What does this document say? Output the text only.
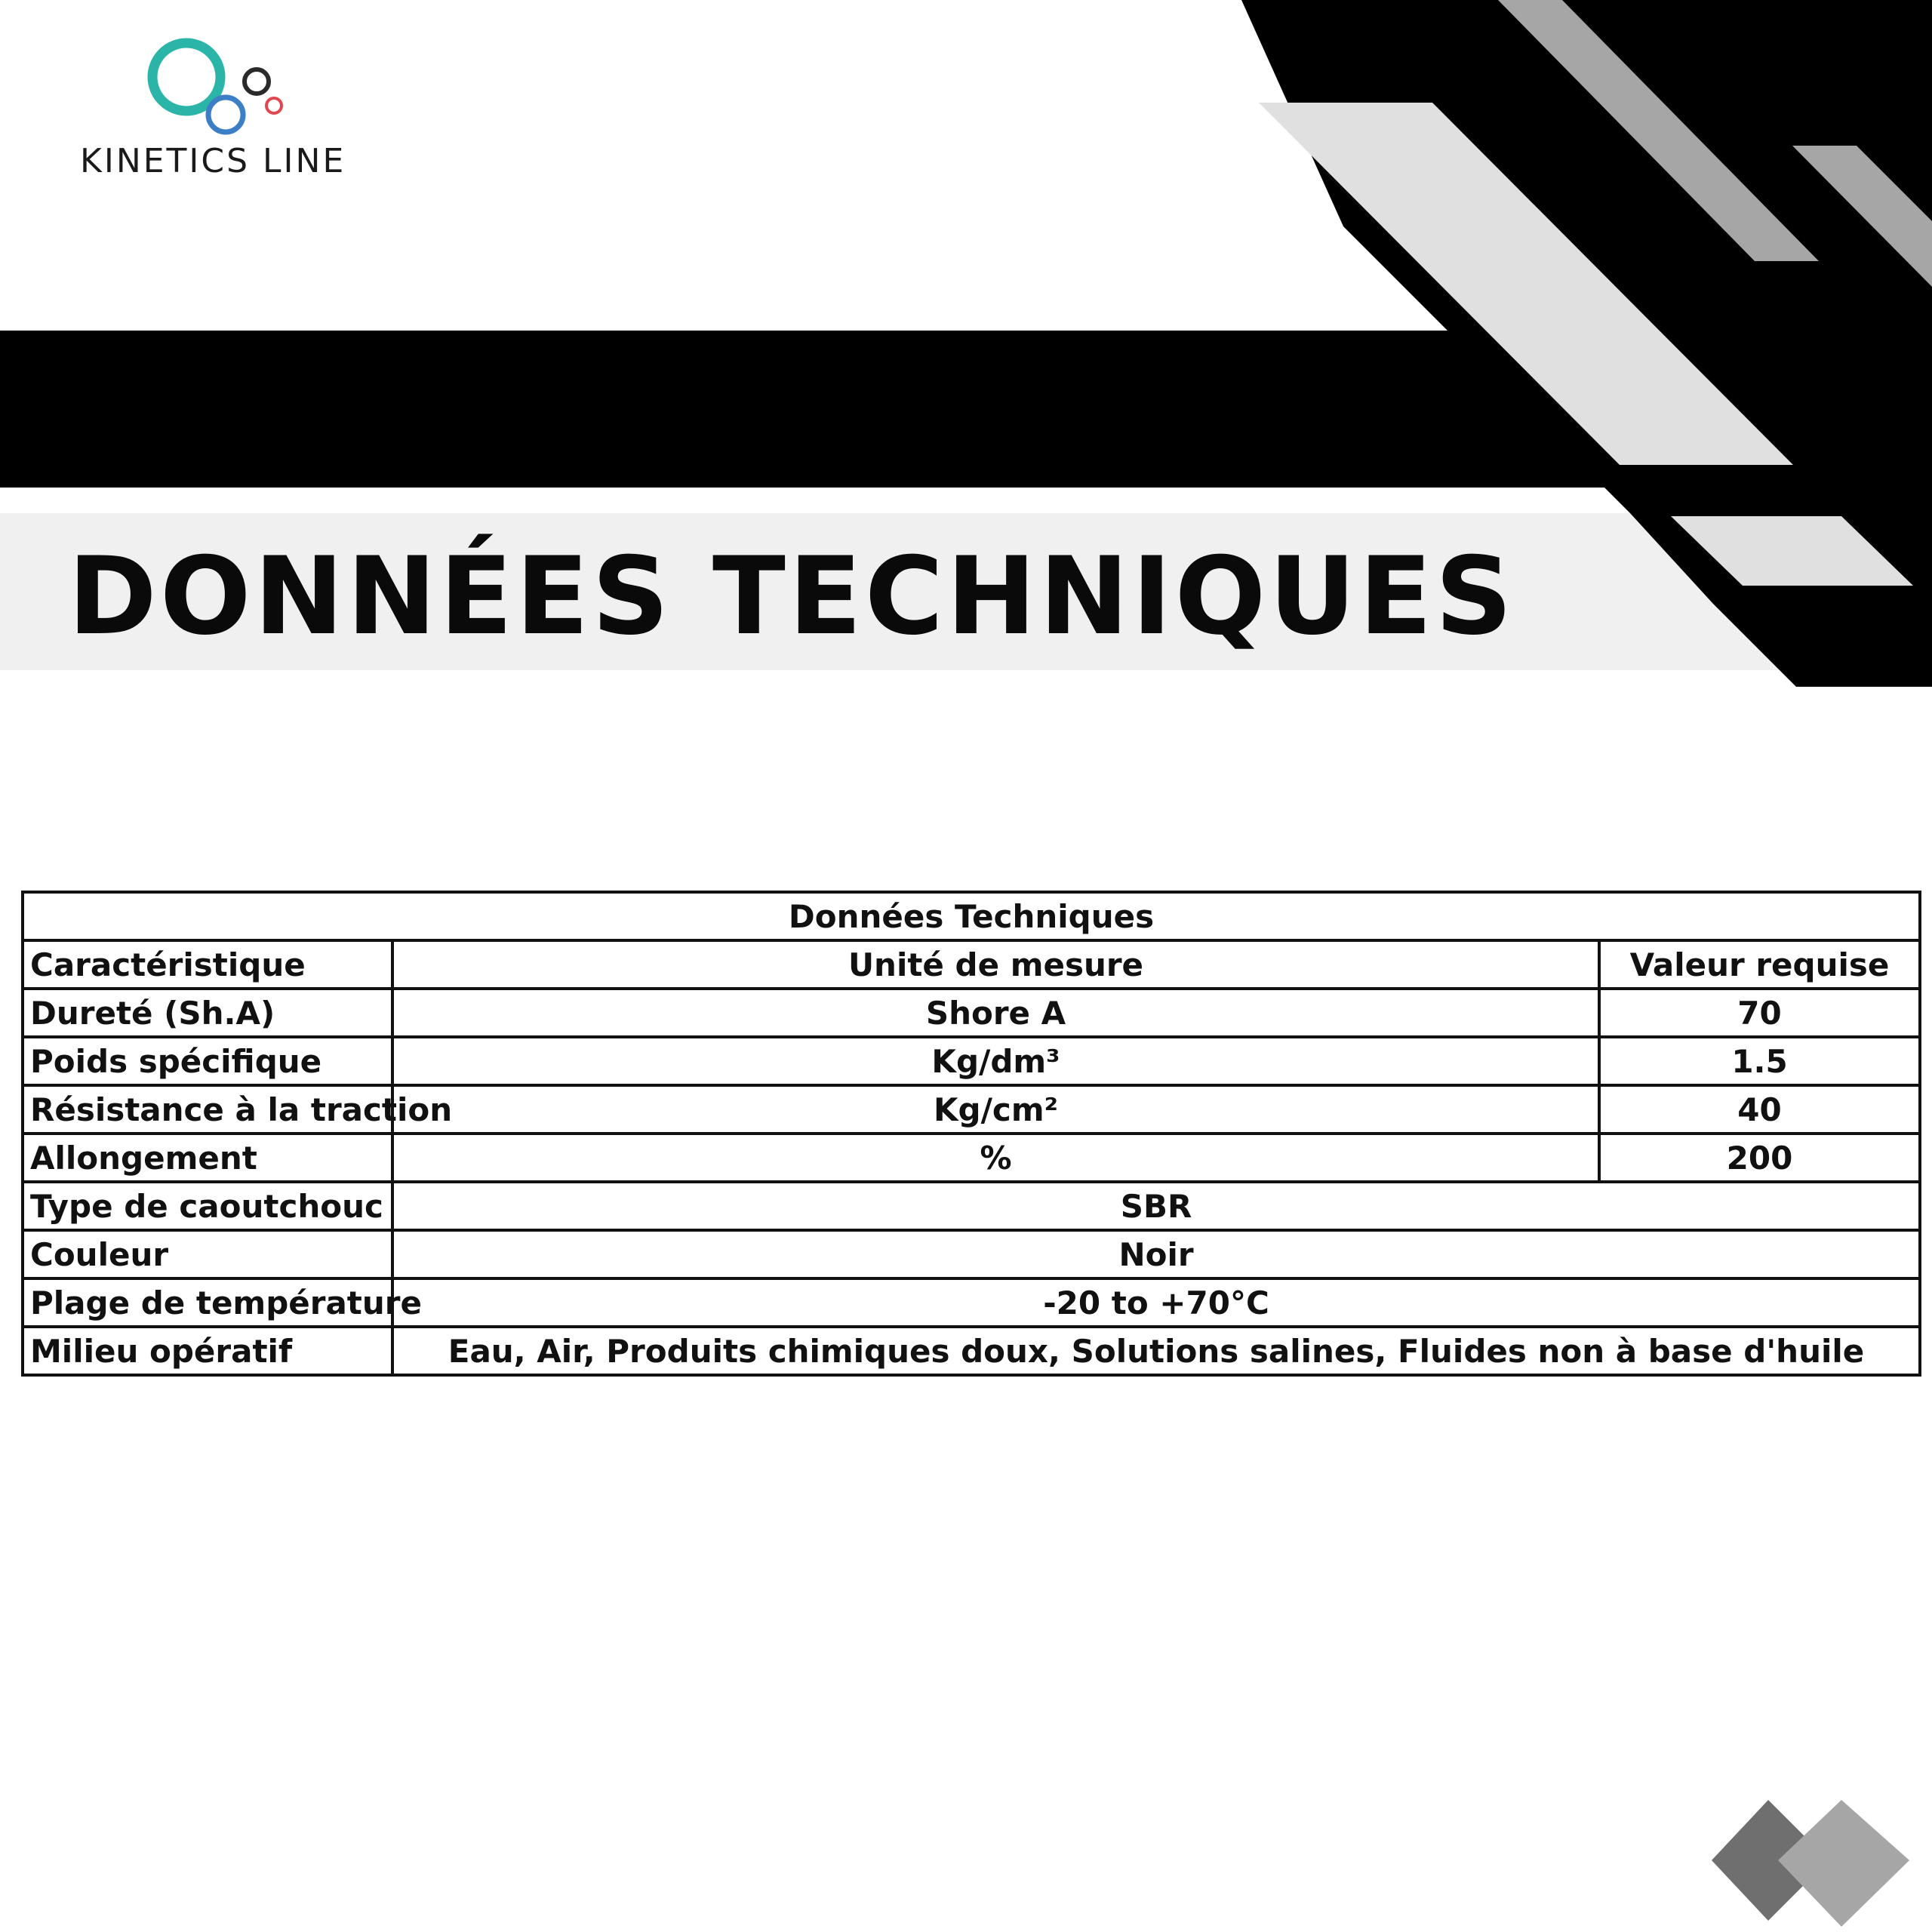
KINETICS LINE
DONNÉES TECHNIQUES
Données Techniques		
Caractéristique	Unité de mesure	Valeur requise
Dureté (Sh.A)	Shore A	70
Poids spécifique	Kg/dm³	1.5
Résistance à la traction	Kg/cm²	40
Allongement	%	200
Type de caoutchouc	SBR	
Couleur	Noir	
Plage de température	-20 to +70°C	
Milieu opératif	Eau, Air, Produits chimiques doux, Solutions salines, Fluides non à base d'huile	
